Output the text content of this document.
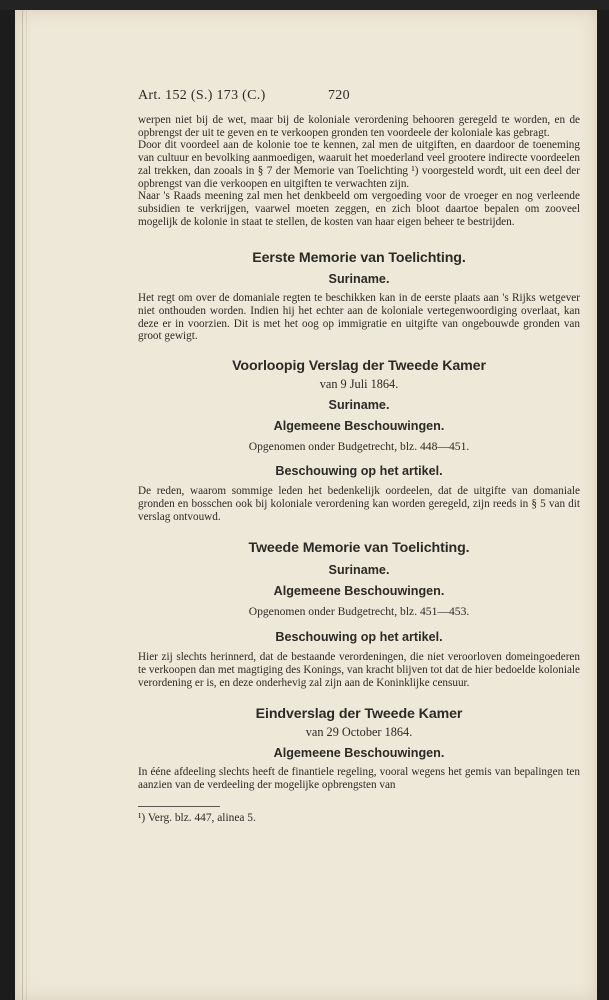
Art. 152 (S.) 173 (C.)	720

werpen niet bij de wet, maar bij de koloniale verordening behooren geregeld te worden, en de opbrengst der uit te geven en te verkoopen gronden ten voordeele der koloniale kas gebragt.

Door dit voordeel aan de kolonie toe te kennen, zal men de uitgiften, en daardoor de toeneming van cultuur en bevolking aanmoedigen, waaruit het moederland veel grootere indirecte voordeelen zal trekken, dan zooals in § 7 der Memorie van Toelichting ¹) voorgesteld wordt, uit een deel der opbrengst van die verkoopen en uitgiften te verwachten zijn.

Naar 's Raads meening zal men het denkbeeld om vergoeding voor de vroeger en nog verleende subsidien te verkrijgen, vaarwel moeten zeggen, en zich bloot daartoe bepalen om zooveel mogelijk de kolonie in staat te stellen, de kosten van haar eigen beheer te bestrijden.

Eerste Memorie van Toelichting.
Suriname.

Het regt om over de domaniale regten te beschikken kan in de eerste plaats aan 's Rijks wetgever niet onthouden worden. Indien hij het echter aan de koloniale vertegenwoordiging overlaat, kan deze er in voorzien. Dit is met het oog op immigratie en uitgifte van ongebouwde gronden van groot gewigt.

Voorloopig Verslag der Tweede Kamer

van 9 Juli 1864.

Suriname.
Algemeene Beschouwingen.

Opgenomen onder Budgetrecht, blz. 448—451.

Beschouwing op het artikel.

De reden, waarom sommige leden het bedenkelijk oordeelen, dat de uitgifte van domaniale gronden en bosschen ook bij koloniale verordening kan worden geregeld, zijn reeds in § 5 van dit verslag ontvouwd.

Tweede Memorie van Toelichting.
Suriname.
Algemeene Beschouwingen.

Opgenomen onder Budgetrecht, blz. 451—453.

Beschouwing op het artikel.

Hier zij slechts herinnerd, dat de bestaande verordeningen, die niet veroorloven domeingoederen te verkoopen dan met magtiging des Konings, van kracht blijven tot dat de hier bedoelde koloniale verordening er is, en deze onderhevig zal zijn aan de Koninklijke censuur.

Eindverslag der Tweede Kamer

van 29 October 1864.

Algemeene Beschouwingen.

In ééne afdeeling slechts heeft de finantiele regeling, vooral wegens het gemis van bepalingen ten aanzien van de verdeeling der mogelijke opbrengsten van

¹) Verg. blz. 447, alinea 5.
